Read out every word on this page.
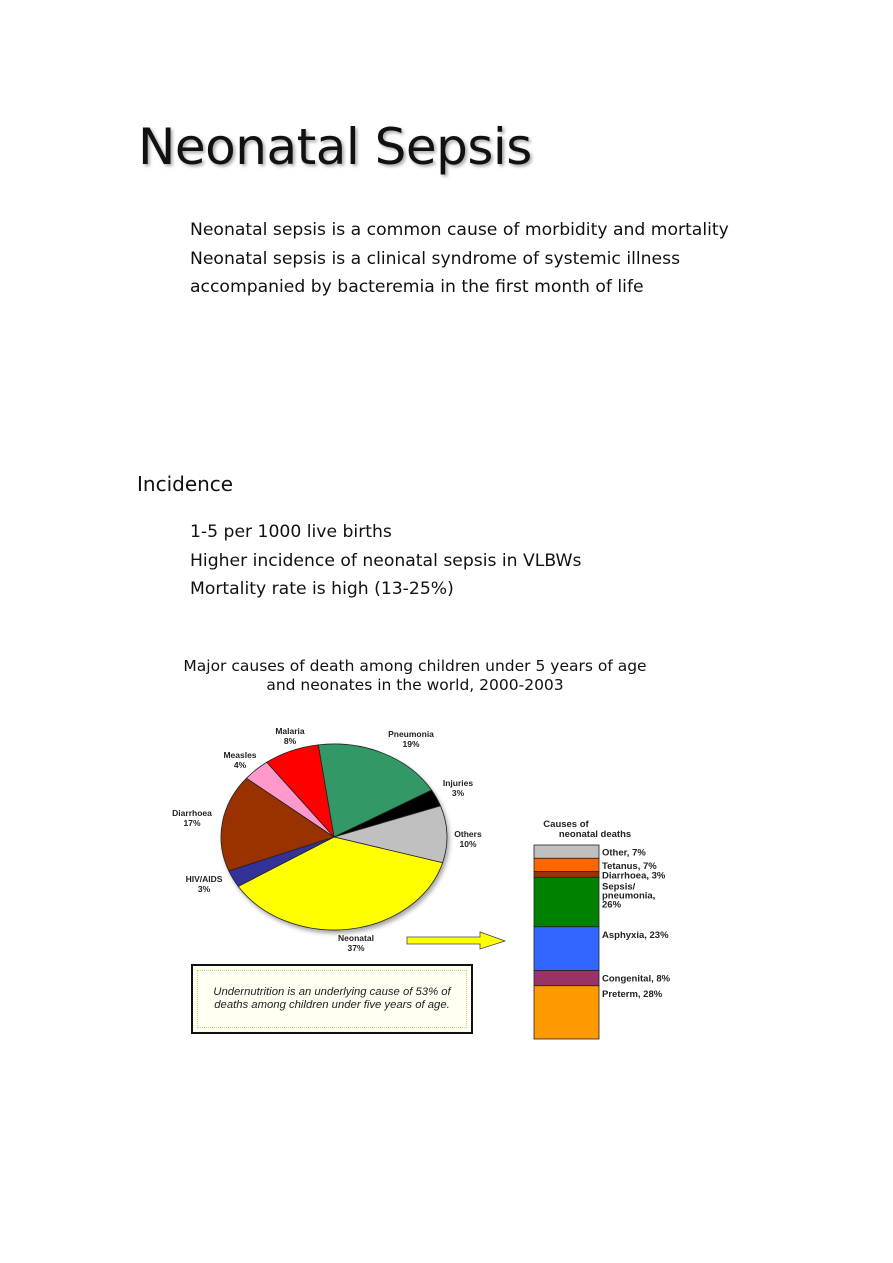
Neonatal Sepsis
Neonatal sepsis is a common cause of morbidity and mortality
Neonatal sepsis is a clinical syndrome of systemic illness
accompanied by bacteremia in the first month of life
Incidence
1-5 per 1000 live births
Higher incidence of neonatal sepsis in VLBWs
Mortality rate is high (13-25%)
Major causes of death among children under 5 years of age
and neonates in the world, 2000-2003
Pneumonia
19%
Injuries
3%
Others
10%
Neonatal
37%
HIV/AIDS
3%
Diarrhoea
17%
Measles
4%
Malaria
8%
Causes of
neonatal deaths
Other, 7%
Tetanus, 7%
Diarrhoea, 3%
Sepsis/
pneumonia,
26%
Asphyxia, 23%
Congenital, 8%
Preterm, 28%
Undernutrition is an underlying cause of 53% of deaths among children under five years of age.
